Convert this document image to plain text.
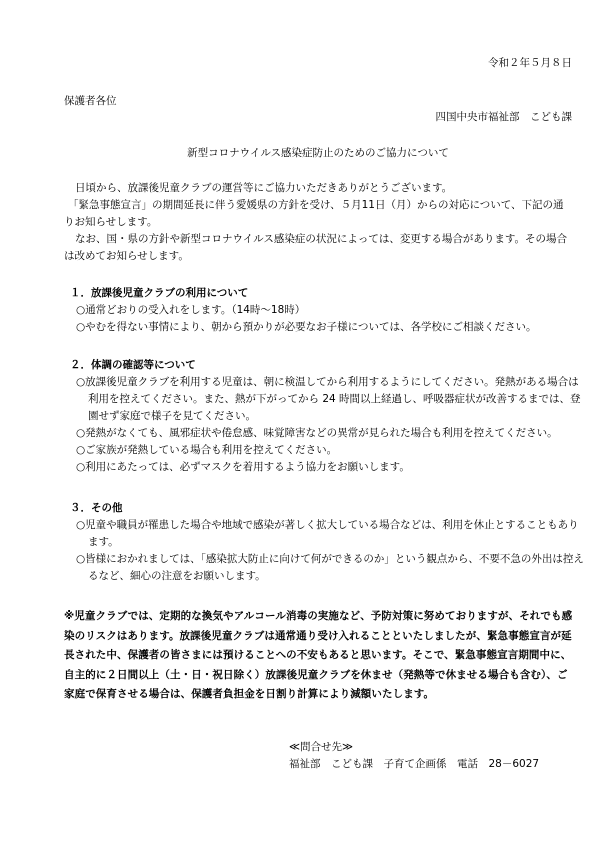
令和２年５月８日
保護者各位
四国中央市福祉部　こども課
新型コロナウイルス感染症防止のためのご協力について

日頃から、放課後児童クラブの運営等にご協力いただきありがとうございます。

「緊急事態宣言」の期間延長に伴う愛媛県の方針を受け、５月11日（月）からの対応について、下記の通りお知らせします。

なお、国・県の方針や新型コロナウイルス感染症の状況によっては、変更する場合があります。その場合は改めてお知らせします。

１．放課後児童クラブの利用について

○通常どおりの受入れをします。（14時～18時）

○やむを得ない事情により、朝から預かりが必要なお子様については、各学校にご相談ください。

２．体調の確認等について

○放課後児童クラブを利用する児童は、朝に検温してから利用するようにしてください。発熱がある場合は利用を控えてください。また、熱が下がってから 24 時間以上経過し、呼吸器症状が改善するまでは、登園せず家庭で様子を見てください。

○発熱がなくても、風邪症状や倦怠感、味覚障害などの異常が見られた場合も利用を控えてください。

○ご家族が発熱している場合も利用を控えてください。

○利用にあたっては、必ずマスクを着用するよう協力をお願いします。

３．その他

○児童や職員が罹患した場合や地域で感染が著しく拡大している場合などは、利用を休止とすることもあります。

○皆様におかれましては、「感染拡大防止に向けて何ができるのか」という観点から、不要不急の外出は控えるなど、細心の注意をお願いします。

※児童クラブでは、定期的な換気やアルコール消毒の実施など、予防対策に努めておりますが、それでも感染のリスクはあります。放課後児童クラブは通常通り受け入れることといたしましたが、緊急事態宣言が延長された中、保護者の皆さまには預けることへの不安もあると思います。そこで、緊急事態宣言期間中に、自主的に２日間以上（土・日・祝日除く）放課後児童クラブを休ませ（発熱等で休ませる場合も含む）、ご家庭で保育させる場合は、保護者負担金を日割り計算により減額いたします。

≪問合せ先≫
福祉部　こども課　子育て企画係　電話　28－6027
